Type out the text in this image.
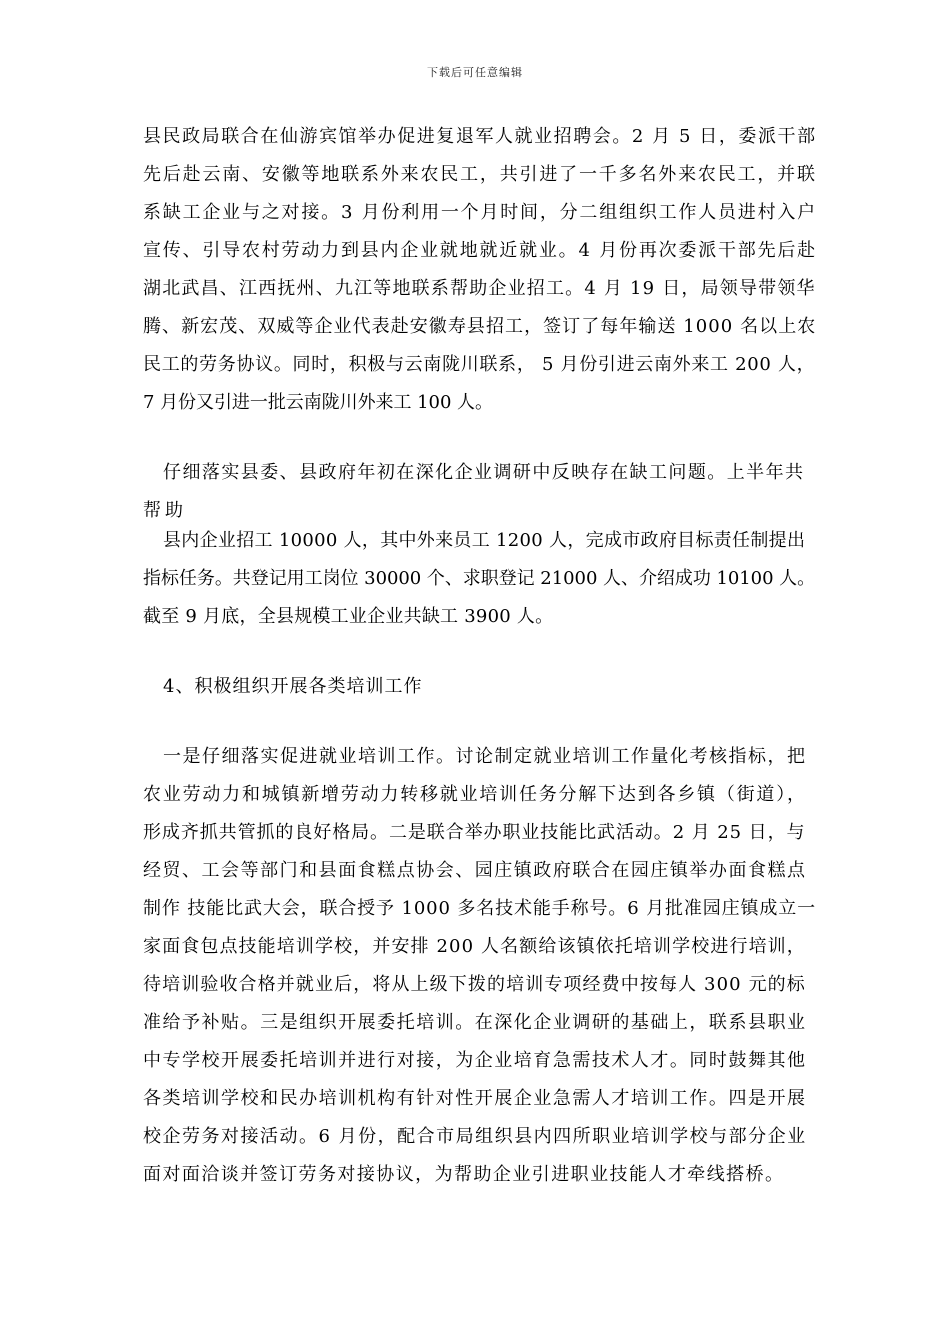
下载后可任意编辑
县民政局联合在仙游宾馆举办促进复退军人就业招聘会。2 月 5 日，委派干部
先后赴云南、安徽等地联系外来农民工，共引进了一千多名外来农民工，并联
系缺工企业与之对接。3 月份利用一个月时间，分二组组织工作人员进村入户
宣传、引导农村劳动力到县内企业就地就近就业。4 月份再次委派干部先后赴
湖北武昌、江西抚州、九江等地联系帮助企业招工。4 月 19 日，局领导带领华
腾、新宏茂、双威等企业代表赴安徽寿县招工，签订了每年输送 1000 名以上农
民工的劳务协议。同时，积极与云南陇川联系， 5 月份引进云南外来工 200 人，
7 月份又引进一批云南陇川外来工 100 人。
仔细落实县委、县政府年初在深化企业调研中反映存在缺工问题。上半年共
帮助
县内企业招工 10000 人，其中外来员工 1200 人，完成市政府目标责任制提出
指标任务。共登记用工岗位 30000 个、求职登记 21000 人、介绍成功 10100 人。
截至 9 月底，全县规模工业企业共缺工 3900 人。
4、积极组织开展各类培训工作
一是仔细落实促进就业培训工作。讨论制定就业培训工作量化考核指标，把
农业劳动力和城镇新增劳动力转移就业培训任务分解下达到各乡镇（街道），
形成齐抓共管抓的良好格局。二是联合举办职业技能比武活动。2 月 25 日，与
经贸、工会等部门和县面食糕点协会、园庄镇政府联合在园庄镇举办面食糕点
制作 技能比武大会，联合授予 1000 多名技术能手称号。6 月批准园庄镇成立一
家面食包点技能培训学校，并安排 200 人名额给该镇依托培训学校进行培训，
待培训验收合格并就业后，将从上级下拨的培训专项经费中按每人 300 元的标
准给予补贴。三是组织开展委托培训。在深化企业调研的基础上，联系县职业
中专学校开展委托培训并进行对接，为企业培育急需技术人才。同时鼓舞其他
各类培训学校和民办培训机构有针对性开展企业急需人才培训工作。四是开展
校企劳务对接活动。6 月份，配合市局组织县内四所职业培训学校与部分企业
面对面洽谈并签订劳务对接协议，为帮助企业引进职业技能人才牵线搭桥。
